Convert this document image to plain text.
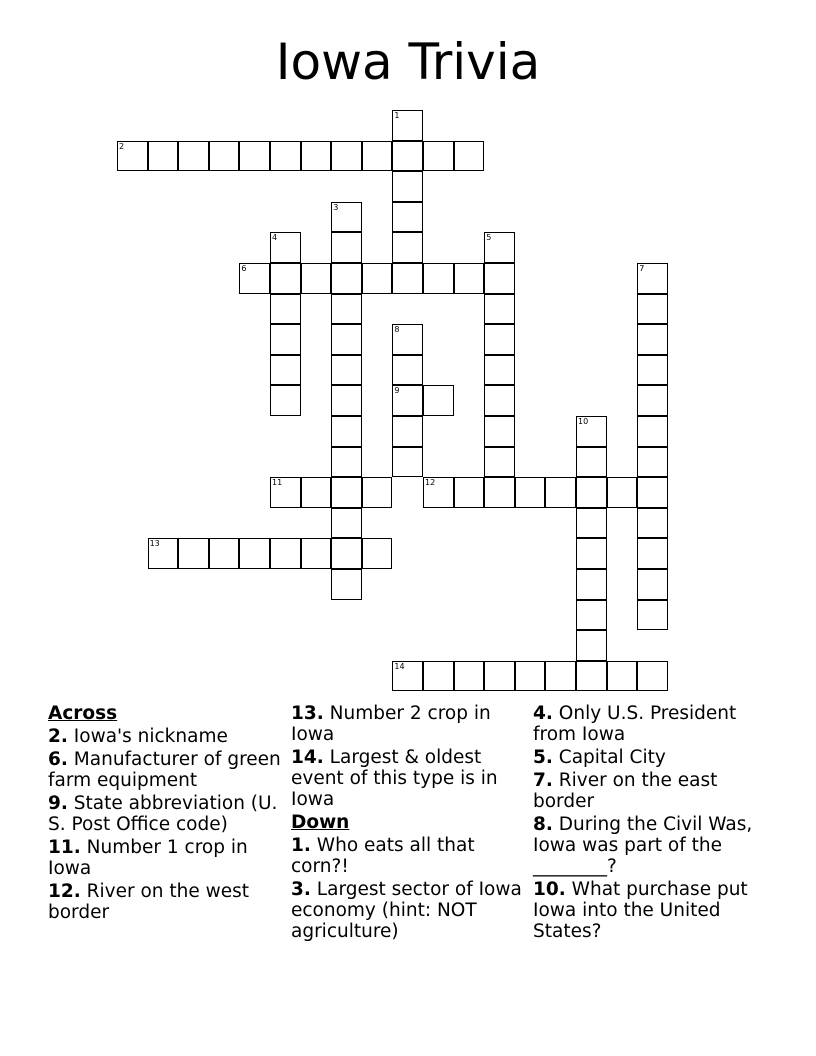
Iowa Trivia
1
2
3
4	5
6	7
8
9
10
11	12
13
14
Across
2. Iowa's nickname
6. Manufacturer of green farm equipment
9. State abbreviation (U. S. Post Office code)
11. Number 1 crop in Iowa
12. River on the west border
13. Number 2 crop in Iowa
14. Largest & oldest event of this type is in Iowa
Down
1. Who eats all that corn?!
3. Largest sector of Iowa economy (hint: NOT agriculture)
4. Only U.S. President from Iowa
5. Capital City
7. River on the east border
8. During the Civil Was, Iowa was part of the ________?
10. What purchase put Iowa into the United States?
